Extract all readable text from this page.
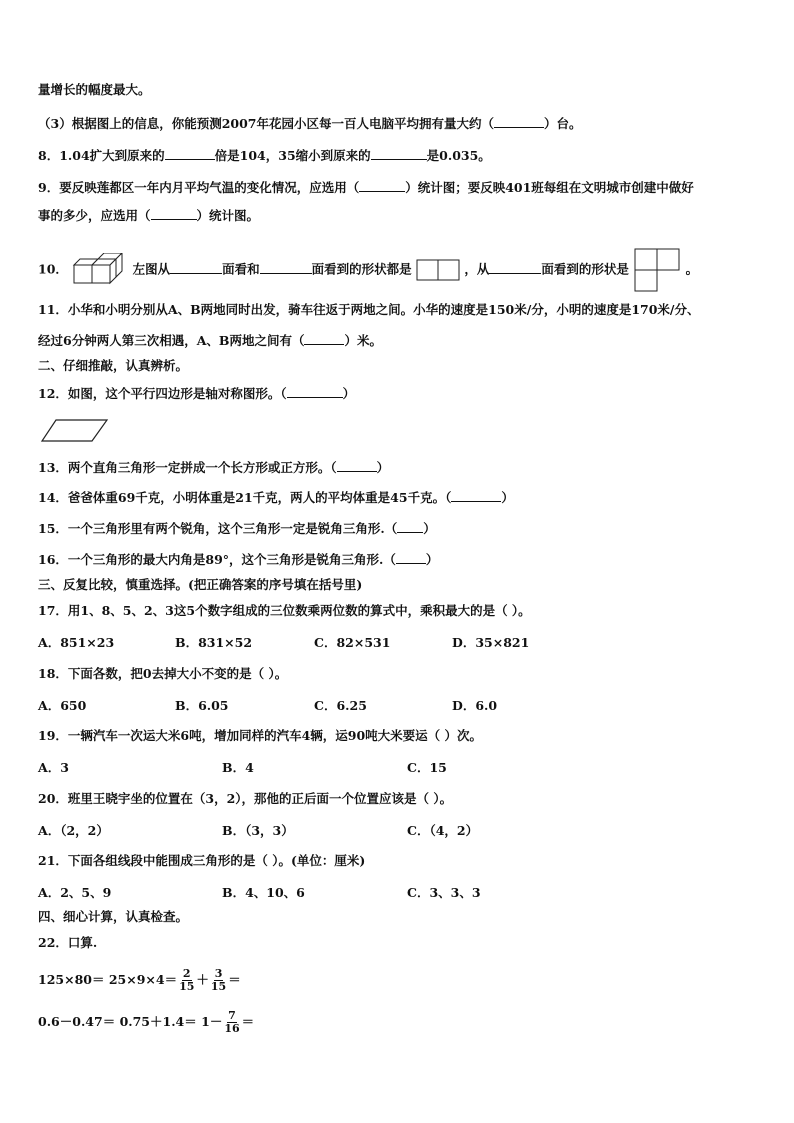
量增长的幅度最大。
（3）根据图上的信息，你能预测2007年花园小区每一百人电脑平均拥有量大约（	）台。
8．1.04扩大到原来的	倍是104，35缩小到原来的	是0.035。
9．要反映莲都区一年内月平均气温的变化情况，应选用（	）统计图；要反映401班每组在文明城市创建中做好
事的多少，应选用（	）统计图。
10．	左图从	面看和	面看到的形状都是	，从	面看到的形状是	。
11．小华和小明分别从A、B两地同时出发，骑车往返于两地之间。小华的速度是150米/分，小明的速度是170米/分、
经过6分钟两人第三次相遇，A、B两地之间有（	）米。
二、仔细推敲，认真辨析。
12．如图，这个平行四边形是轴对称图形。（	）
13．两个直角三角形一定拼成一个长方形或正方形。（	）
14．爸爸体重69千克，小明体重是21千克，两人的平均体重是45千克。（	）
15．一个三角形里有两个锐角，这个三角形一定是锐角三角形.（ ）
16．一个三角形的最大内角是89°，这个三角形是锐角三角形.（ ）
三、反复比较，慎重选择。(把正确答案的序号填在括号里)
17．用1、8、5、2、3这5个数字组成的三位数乘两位数的算式中，乘积最大的是（ ）。
A．851×23	B．831×52	C．82×531	D．35×821
18．下面各数，把0去掉大小不变的是（ ）。
A．650	B．6.05	C．6.25	D．6.0
19．一辆汽车一次运大米6吨，增加同样的汽车4辆，运90吨大米要运（ ）次。
A．3	B．4	C．15
20．班里王晓宇坐的位置在（3，2），那他的正后面一个位置应该是（ ）。
A．（2，2）	B．（3，3）	C．（4，2）
21．下面各组线段中能围成三角形的是（ ）。(单位：厘米)
A．2、5、9	B．4、10、6	C．3、3、3
四、细心计算，认真检查。
22．口算.
$125\times 80= 25\times 9\times 4= \frac{2}{15} + \frac{3}{15}$ ＝
$0.6-0.47= 0.75+1.4= 1- \frac{7}{16}$ ＝
